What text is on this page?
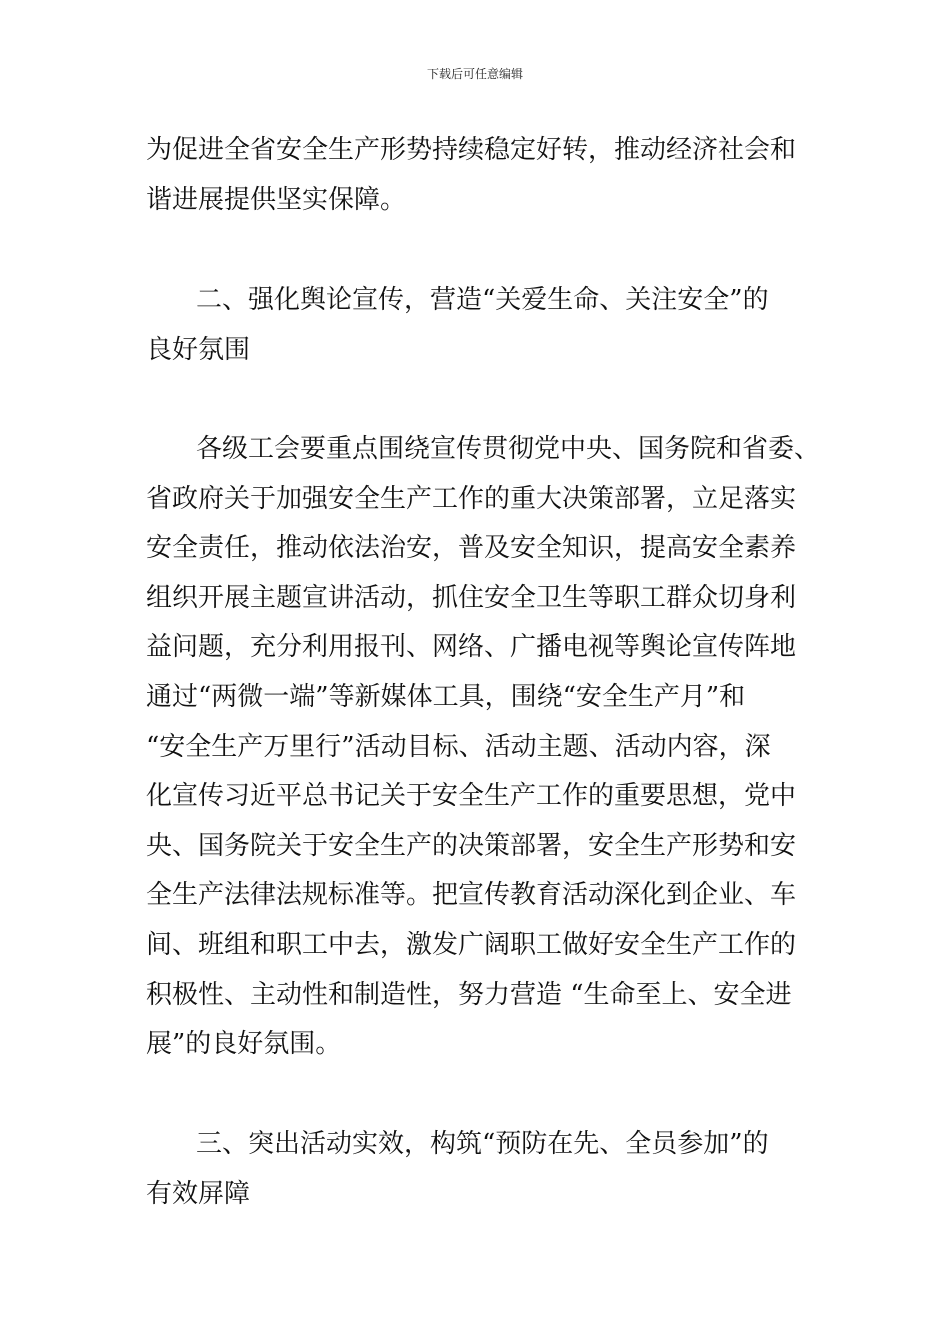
下载后可任意编辑
为促进全省安全生产形势持续稳定好转，推动经济社会和
谐进展提供坚实保障。
二、强化舆论宣传，营造“关爱生命、关注安全”的
良好氛围
各级工会要重点围绕宣传贯彻党中央、国务院和省委、
省政府关于加强安全生产工作的重大决策部署，立足落实
安全责任，推动依法治安，普及安全知识，提高安全素养
组织开展主题宣讲活动，抓住安全卫生等职工群众切身利
益问题，充分利用报刊、网络、广播电视等舆论宣传阵地
通过“两微一端”等新媒体工具，围绕“安全生产月”和
“安全生产万里行”活动目标、活动主题、活动内容，深
化宣传习近平总书记关于安全生产工作的重要思想，党中
央、国务院关于安全生产的决策部署，安全生产形势和安
全生产法律法规标准等。把宣传教育活动深化到企业、车
间、班组和职工中去，激发广阔职工做好安全生产工作的
积极性、主动性和制造性，努力营造 “生命至上、安全进
展”的良好氛围。
三、突出活动实效，构筑“预防在先、全员参加”的
有效屏障
